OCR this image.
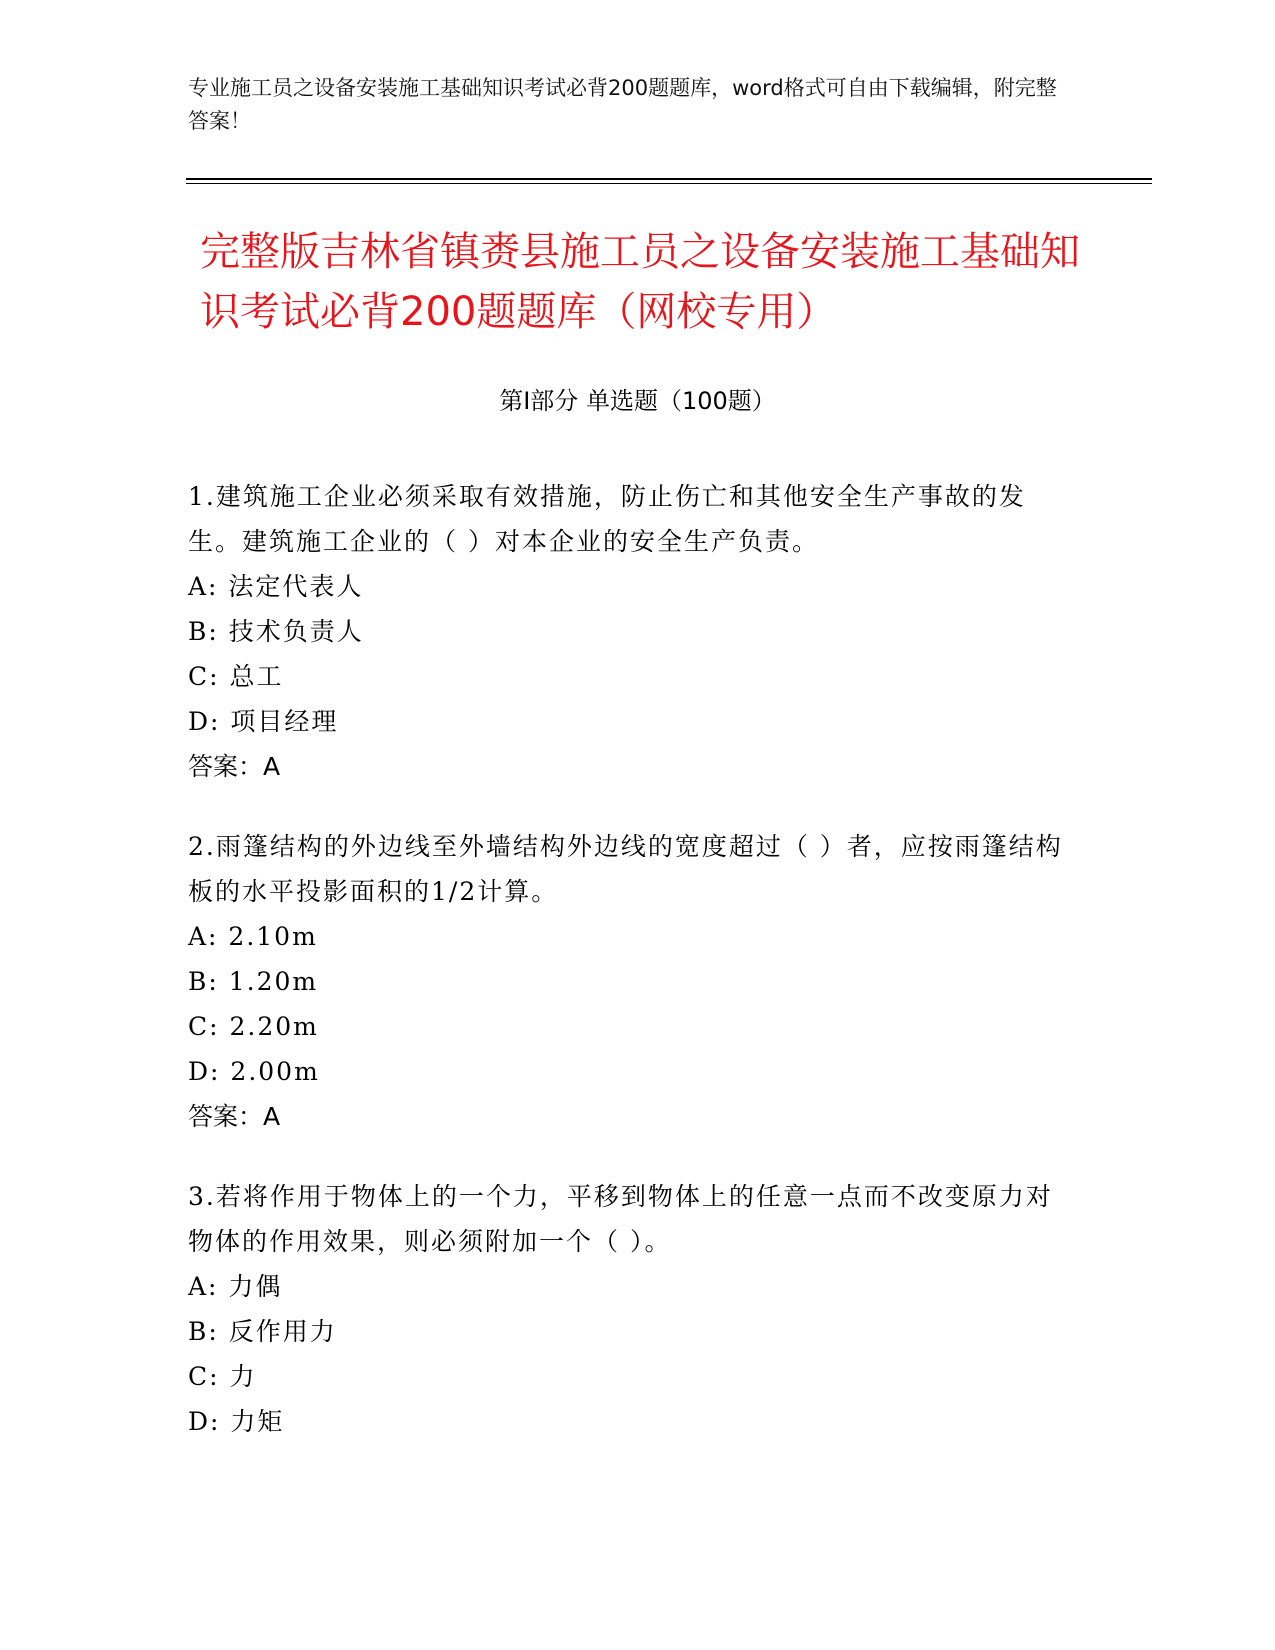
专业施工员之设备安装施工基础知识考试必背200题题库，word格式可自由下载编辑，附完整答案！
完整版吉林省镇赉县施工员之设备安装施工基础知识考试必背200题题库（网校专用）
第Ⅰ部分 单选题（100题）
1.建筑施工企业必须采取有效措施，防止伤亡和其他安全生产事故的发生。建筑施工企业的（ ）对本企业的安全生产负责。
A: 法定代表人
B: 技术负责人
C: 总工
D: 项目经理
答案：A
2.雨篷结构的外边线至外墙结构外边线的宽度超过（ ）者，应按雨篷结构板的水平投影面积的1/2计算。
A: 2.10m
B: 1.20m
C: 2.20m
D: 2.00m
答案：A
3.若将作用于物体上的一个力，平移到物体上的任意一点而不改变原力对物体的作用效果，则必须附加一个（ ）。
A: 力偶
B: 反作用力
C: 力
D: 力矩
